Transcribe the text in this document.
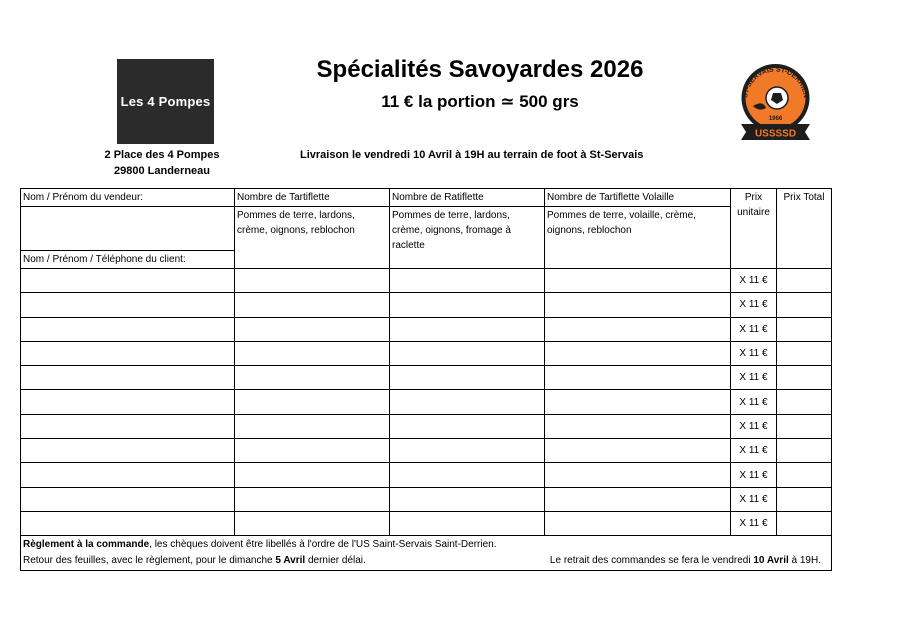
Les 4 Pompes
Spécialités Savoyardes 2026
11 € la portion ≃ 500 grs
2 Place des 4 Pompes
29800 Landerneau
Livraison le vendredi 10 Avril à 19H au terrain de foot à St-Servais
ST-SERVAIS ST-DERRIEN
1966
USSSSD
Nom / Prénom du vendeur:	Nombre de Tartiflette	Nombre de Ratiflette	Nombre de Tartiflette Volaille	Prix unitaire	Prix Total
	Pommes de terre, lardons, crème, oignons, reblochon	Pommes de terre, lardons, crème, oignons, fromage à raclette	Pommes de terre, volaille, crème, oignons, reblochon		
Nom / Prénom / Téléphone du client:					
				X 11 €	
				X 11 €	
				X 11 €	
				X 11 €	
				X 11 €	
				X 11 €	
				X 11 €	
				X 11 €	
				X 11 €	
				X 11 €	
				X 11 €	

Règlement à la commande, les chèques doivent être libellés à l'ordre de l'US Saint-Servais Saint-Derrien.
Retour des feuilles, avec le règlement, pour le dimanche 5 Avril dernier délai. Le retrait des commandes se fera le vendredi 10 Avril à 19H.					
